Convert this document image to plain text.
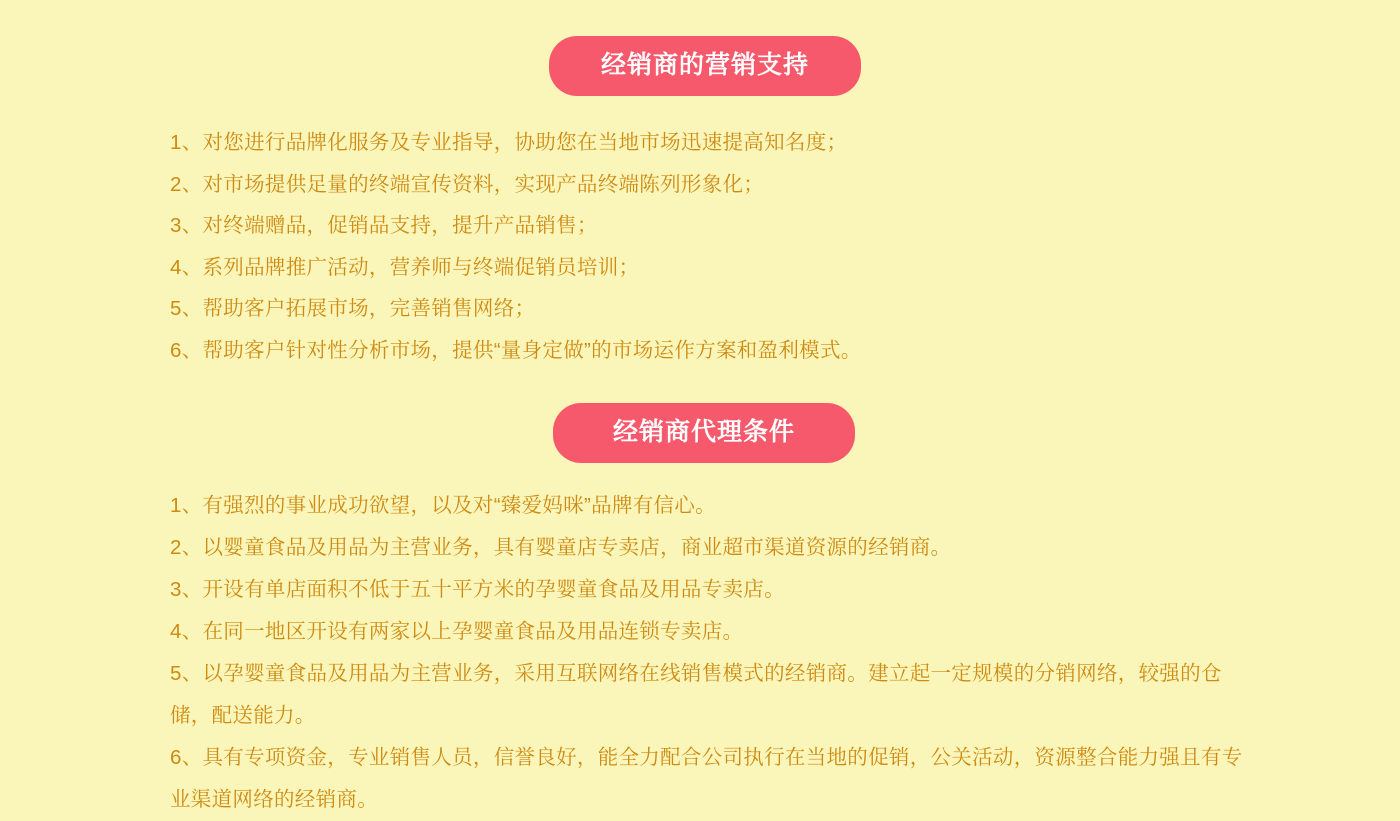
经销商的营销支持
1、对您进行品牌化服务及专业指导，协助您在当地市场迅速提高知名度；
2、对市场提供足量的终端宣传资料，实现产品终端陈列形象化；
3、对终端赠品，促销品支持，提升产品销售；
4、系列品牌推广活动，营养师与终端促销员培训；
5、帮助客户拓展市场，完善销售网络；
6、帮助客户针对性分析市场，提供“量身定做”的市场运作方案和盈利模式。
经销商代理条件
1、有强烈的事业成功欲望，以及对“臻爱妈咪”品牌有信心。
2、以婴童食品及用品为主营业务，具有婴童店专卖店，商业超市渠道资源的经销商。
3、开设有单店面积不低于五十平方米的孕婴童食品及用品专卖店。
4、在同一地区开设有两家以上孕婴童食品及用品连锁专卖店。
5、以孕婴童食品及用品为主营业务，采用互联网络在线销售模式的经销商。建立起一定规模的分销网络，较强的仓储，配送能力。
6、具有专项资金，专业销售人员，信誉良好，能全力配合公司执行在当地的促销，公关活动，资源整合能力强且有专业渠道网络的经销商。
